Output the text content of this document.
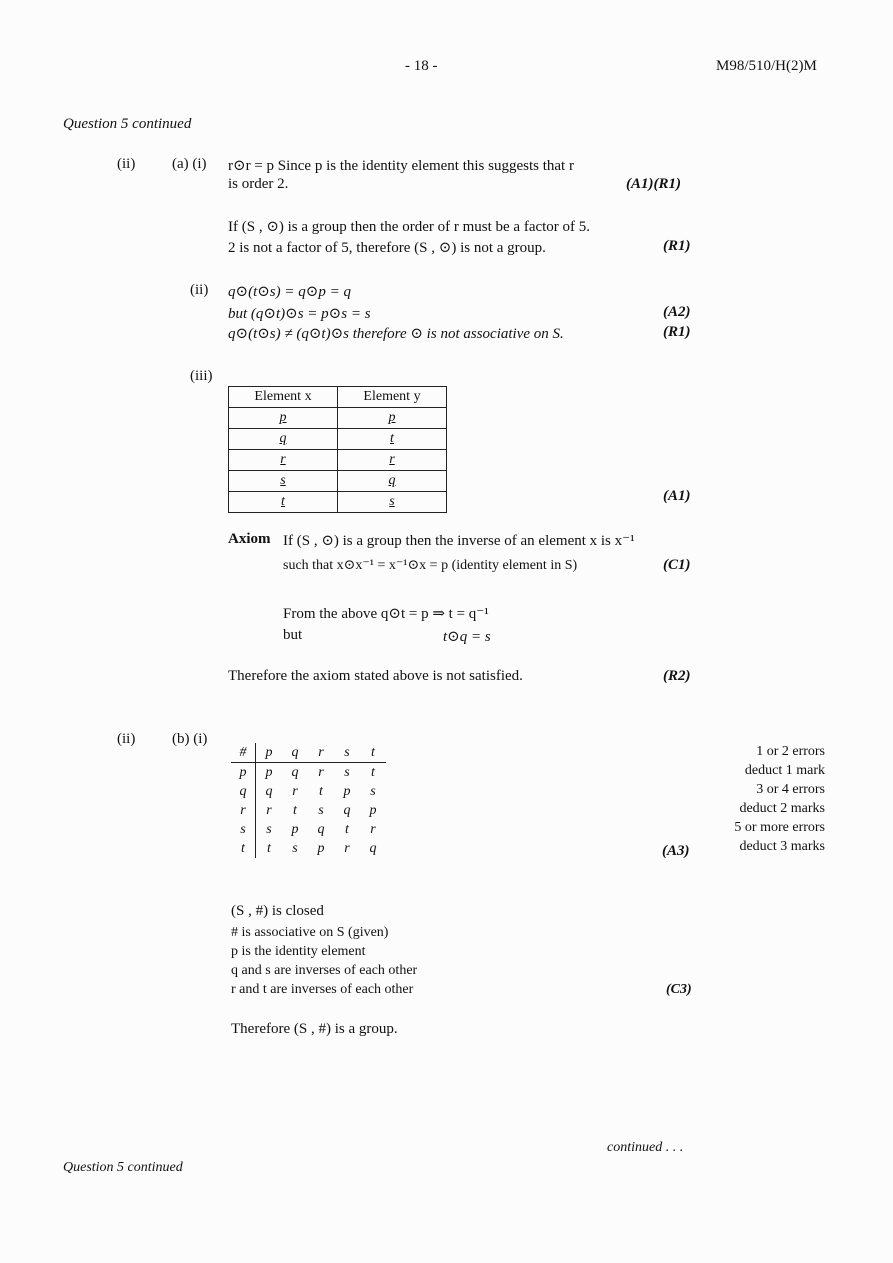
- 18 -	M98/510/H(2)M
Question 5 continued
(ii) (a) (i) r⊙r = p Since p is the identity element this suggests that r
is order 2.	(A1)(R1)
If (S , ⊙) is a group then the order of r must be a factor of 5.
2 is not a factor of 5, therefore (S , ⊙) is not a group.	(R1)
(ii) q⊙(t⊙s) = q⊙p = q
but (q⊙t)⊙s = p⊙s = s	(A2)
q⊙(t⊙s) ≠ (q⊙t)⊙s therefore ⊙ is not associative on S.	(R1)
(iii)
Element x	Element y
p	p
q	t
r	r
s	q
t	s	(A1)
Axiom If (S , ⊙) is a group then the inverse of an element x is x⁻¹
such that x⊙x⁻¹ = x⁻¹⊙x = p (identity element in S)	(C1)
From the above q⊙t = p ⇒ t = q⁻¹
but	t⊙q = s
Therefore the axiom stated above is not satisfied.	(R2)
(ii) (b) (i)
#	p	q	r	s	t
p	p	q	r	s	t
q	q	r	t	p	s
r	r	t	s	q	p
s	s	p	q	t	r
t	t	s	p	r	q	(A3)
1 or 2 errors
deduct 1 mark
3 or 4 errors
deduct 2 marks
5 or more errors
deduct 3 marks
(S , #) is closed
# is associative on S (given)
p is the identity element
q and s are inverses of each other
r and t are inverses of each other	(C3)
Therefore (S , #) is a group.
continued . . .
Question 5 continued
